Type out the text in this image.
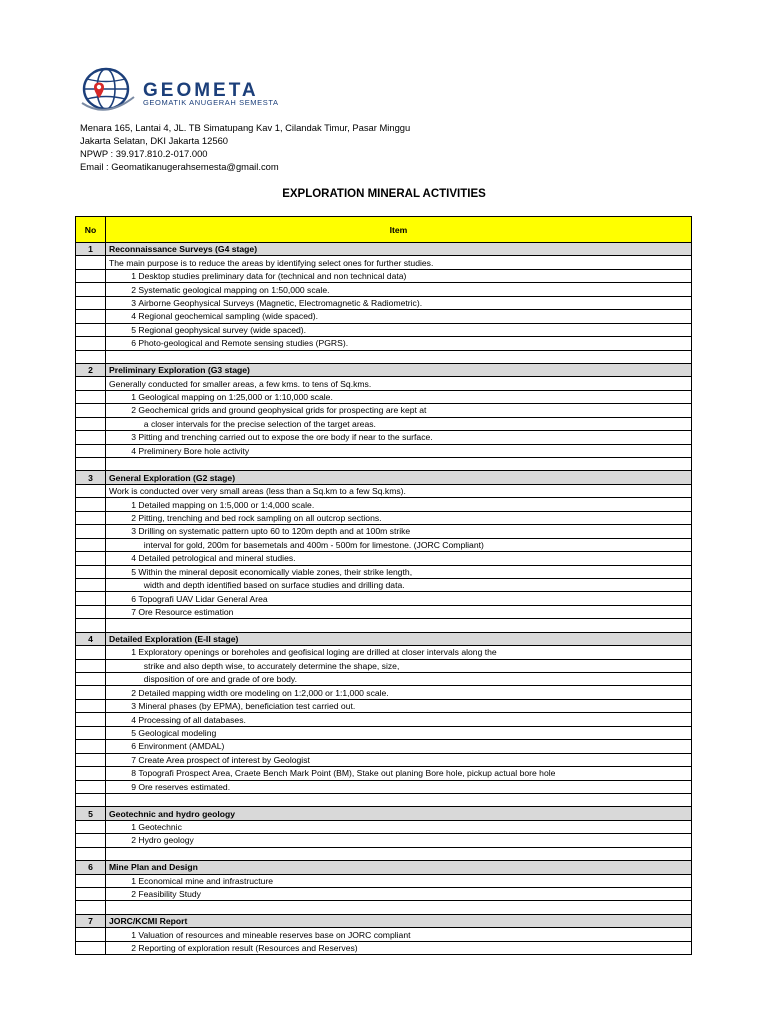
GEOMETA
GEOMATIK ANUGERAH SEMESTA
Menara 165, Lantai 4, JL. TB Simatupang Kav 1, Cilandak Timur, Pasar Minggu
Jakarta Selatan, DKI Jakarta 12560
NPWP : 39.917.810.2-017.000
Email : Geomatikanugerahsemesta@gmail.com
EXPLORATION MINERAL ACTIVITIES
No	Item
1	Reconnaissance Surveys (G4 stage)
	The main purpose is to reduce the areas by identifying select ones for further studies.
	1 Desktop studies preliminary data for (technical and non technical data)
	2 Systematic geological mapping on 1:50,000 scale.
	3 Airborne Geophysical Surveys (Magnetic, Electromagnetic & Radiometric).
	4 Regional geochemical sampling (wide spaced).
	5 Regional geophysical survey (wide spaced).
	6 Photo-geological and Remote sensing studies (PGRS).

2	Preliminary Exploration (G3 stage)
	Generally conducted for smaller areas, a few kms. to tens of Sq.kms.
	1 Geological mapping on 1:25,000 or 1:10,000 scale.
	2 Geochemical grids and ground geophysical grids for prospecting are kept at
	a closer intervals for the precise selection of the target areas.
	3 Pitting and trenching carried out to expose the ore body if near to the surface.
	4 Preliminery Bore hole activity

3	General Exploration (G2 stage)
	Work is conducted over very small areas (less than a Sq.km to a few Sq.kms).
	1 Detailed mapping on 1:5,000 or 1:4,000 scale.
	2 Pitting, trenching and bed rock sampling on all outcrop sections.
	3 Drilling on systematic pattern upto 60 to 120m depth and at 100m strike
	interval for gold, 200m for basemetals and 400m - 500m for limestone. (JORC Compliant)
	4 Detailed petrological and mineral studies.
	5 Within the mineral deposit economically viable zones, their strike length,
	width and depth identified based on surface studies and drilling data.
	6 Topografi UAV Lidar General Area
	7 Ore Resource estimation

4	Detailed Exploration (E-II stage)
	1 Exploratory openings or boreholes and geofisical loging are drilled at closer intervals along the
	strike and also depth wise, to accurately determine the shape, size,
	disposition of ore and grade of ore body.
	2 Detailed mapping width ore modeling on 1:2,000 or 1:1,000 scale.
	3 Mineral phases (by EPMA), beneficiation test carried out.
	4 Processing of all databases.
	5 Geological modeling
	6 Environment (AMDAL)
	7 Create Area prospect of interest by Geologist
	8 Topografi Prospect Area, Craete Bench Mark Point (BM), Stake out planing Bore hole, pickup actual bore hole
	9 Ore reserves estimated.

5	Geotechnic and hydro geology
	1 Geotechnic
	2 Hydro geology

6	Mine Plan and Design
	1 Economical mine and infrastructure
	2 Feasibility Study

7	JORC/KCMI Report
	1 Valuation of resources and mineable reserves base on JORC compliant
	2 Reporting of exploration result (Resources and Reserves)
